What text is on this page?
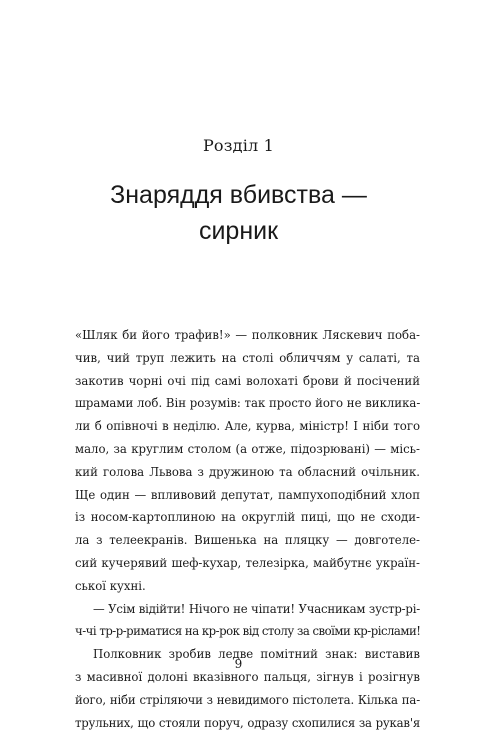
Розділ 1
Знаряддя вбивства —
сирник
«Шляк би його трафив!» — полковник Ляскевич поба-
чив, чий труп лежить на столі обличчям у салаті, та
закотив чорні очі під самі волохаті брови й посічений
шрамами лоб. Він розумів: так просто його не виклика-
ли б опівночі в неділю. Але, курва, міністр! І ніби того
мало, за круглим столом (а отже, підозрювані) — місь-
кий голова Львова з дружиною та обласний очільник.
Ще один — впливовий депутат, пампухоподібний хлоп
із носом-картоплиною на округлій пиці, що не сходи-
ла з телеекранів. Вишенька на пляцку — довготеле-
сий кучерявий шеф-кухар, телезірка, майбутнє україн-
ської кухні.
— Усім відійти! Нічого не чіпати! Учасникам зустр-рі-
ч-чі тр-р-риматися на кр-рок від столу за своїми кр-ріслами!
Полковник зробив ледве помітний знак: виставив
з масивної долоні вказівного пальця, зігнув і розігнув
його, ніби стріляючи з невидимого пістолета. Кілька па-
трульних, що стояли поруч, одразу схопилися за рукав'я
9
